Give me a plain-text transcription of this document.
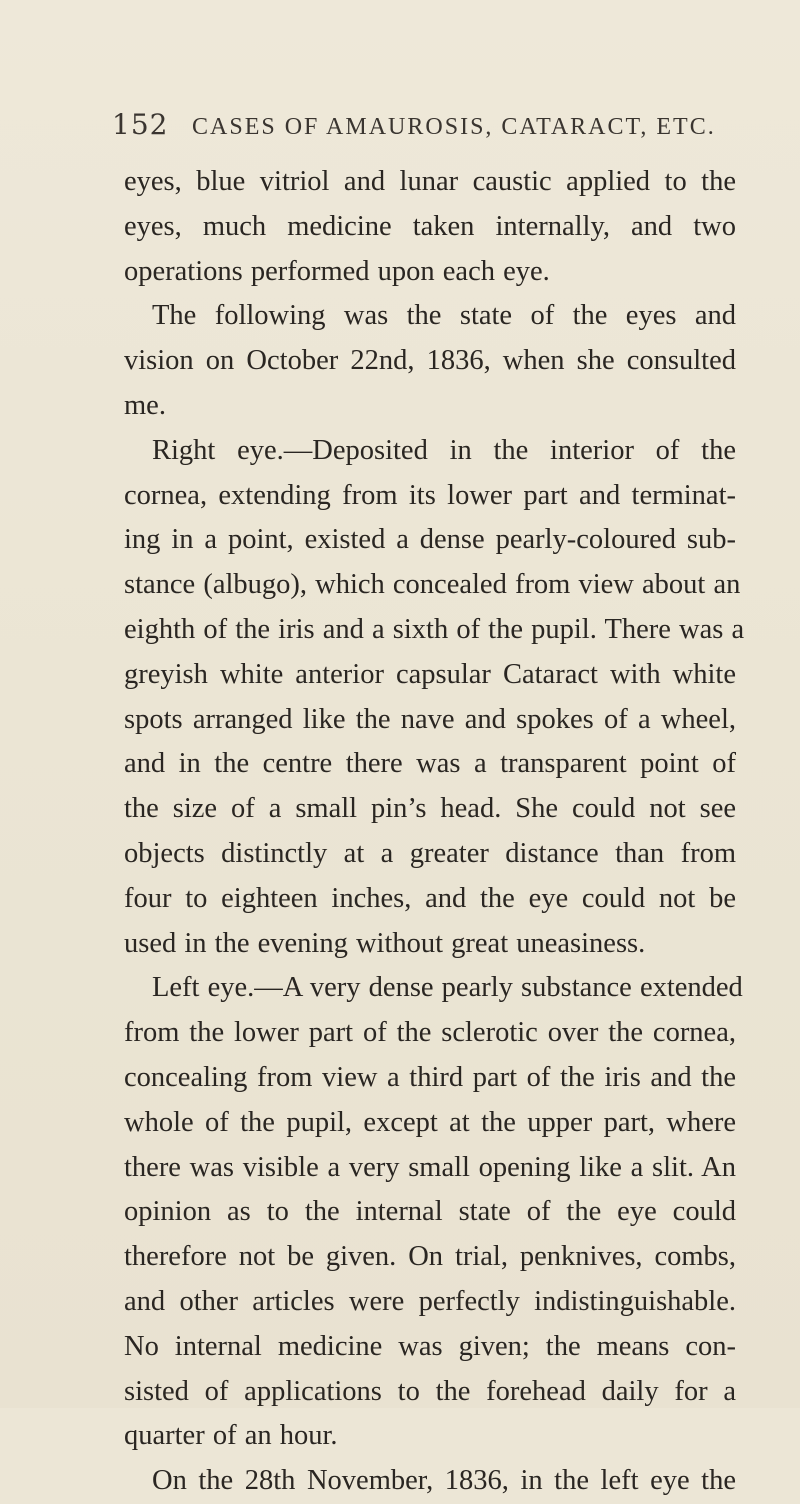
152 CASES OF AMAUROSIS, CATARACT, ETC.
eyes, blue vitriol and lunar caustic applied to the
eyes, much medicine taken internally, and two
operations performed upon each eye.
The following was the state of the eyes and
vision on October 22nd, 1836, when she consulted
me.
Right eye.—Deposited in the interior of the
cornea, extending from its lower part and terminat-
ing in a point, existed a dense pearly-coloured sub-
stance (albugo), which concealed from view about an
eighth of the iris and a sixth of the pupil. There was a
greyish white anterior capsular Cataract with white
spots arranged like the nave and spokes of a wheel,
and in the centre there was a transparent point of
the size of a small pin’s head. She could not see
objects distinctly at a greater distance than from
four to eighteen inches, and the eye could not be
used in the evening without great uneasiness.
Left eye.—A very dense pearly substance extended
from the lower part of the sclerotic over the cornea,
concealing from view a third part of the iris and the
whole of the pupil, except at the upper part, where
there was visible a very small opening like a slit. An
opinion as to the internal state of the eye could
therefore not be given. On trial, penknives, combs,
and other articles were perfectly indistinguishable.
No internal medicine was given; the means con-
sisted of applications to the forehead daily for a
quarter of an hour.
On the 28th November, 1836, in the left eye the
